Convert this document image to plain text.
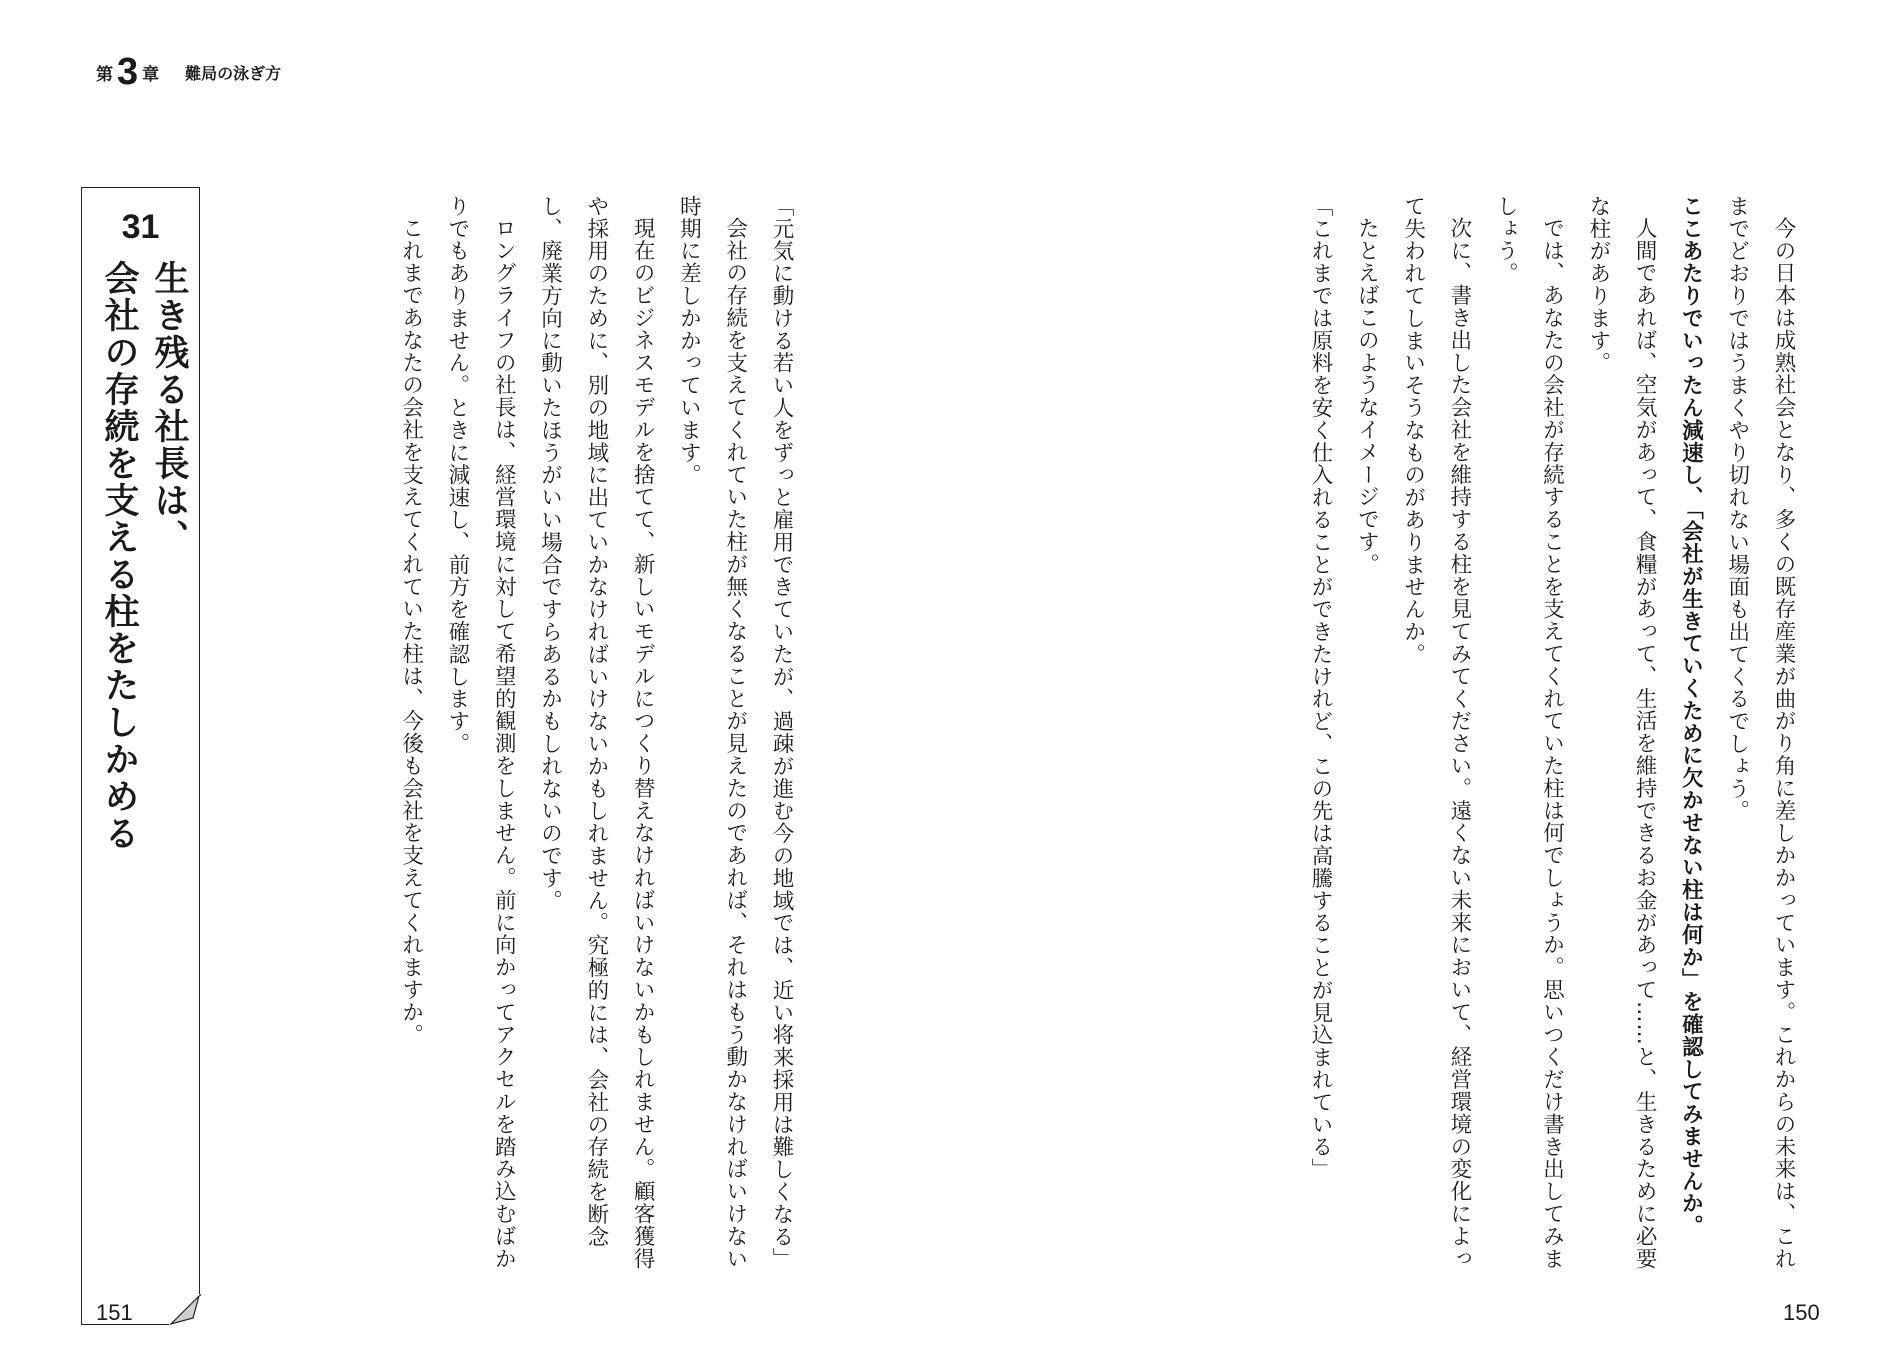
第 3 章 難局の泳ぎ方
31
生き残る社長は、
会社の存続を支える柱をたしかめる	今の日本は成熟社会となり、多くの既存産業が曲がり角に差しかかっています。これからの未来は、これまでどおりではうまくやり切れない場面も出てくるでしょう。

ここあたりでいったん減速し、「会社が生きていくために欠かせない柱は何か」を確認してみませんか。

人間であれば、空気があって、食糧があって、生活を維持できるお金があって……と、生きるために必要な柱があります。

では、あなたの会社が存続することを支えてくれていた柱は何でしょうか。思いつくだけ書き出してみましょう。

次に、書き出した会社を維持する柱を見てみてください。遠くない未来において、経営環境の変化によって失われてしまいそうなものがありませんか。

たとえばこのようなイメージです。

「これまでは原料を安く仕入れることができたけれど、この先は高騰することが見込まれている」

「元気に動ける若い人をずっと雇用できていたが、過疎が進む今の地域では、近い将来採用は難しくなる」

会社の存続を支えてくれていた柱が無くなることが見えたのであれば、それはもう動かなければいけない時期に差しかかっています。

現在のビジネスモデルを捨てて、新しいモデルにつくり替えなければいけないかもしれません。顧客獲得や採用のために、別の地域に出ていかなければいけないかもしれません。究極的には、会社の存続を断念し、廃業方向に動いたほうがいい場合ですらあるかもしれないのです。

ロングライフの社長は、経営環境に対して希望的観測をしません。前に向かってアクセルを踏み込むばかりでもありません。ときに減速し、前方を確認します。

これまであなたの会社を支えてくれていた柱は、今後も会社を支えてくれますか。

151	150
